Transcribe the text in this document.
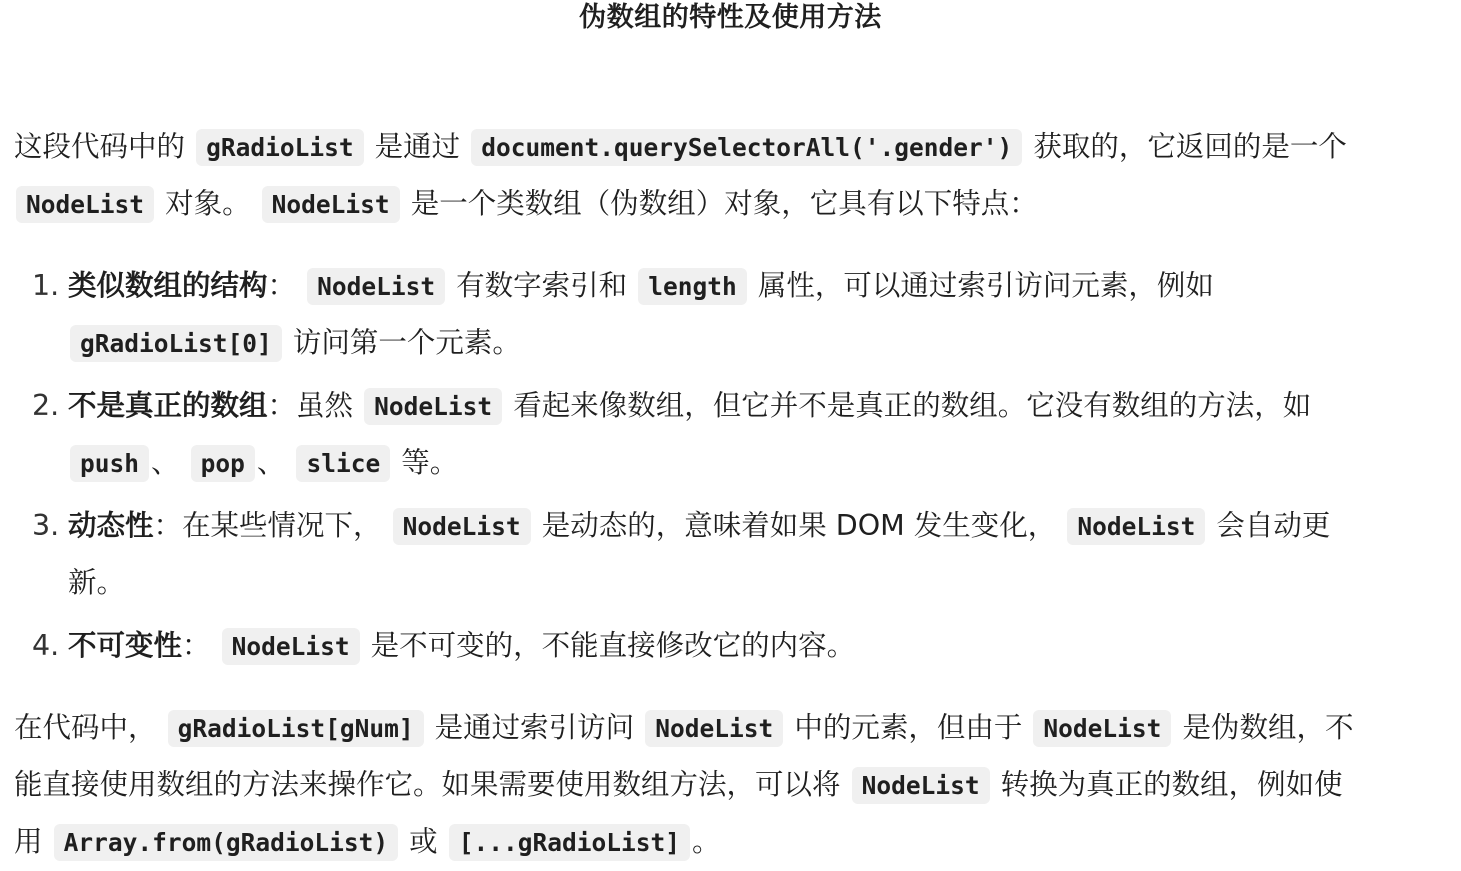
伪数组的特性及使用方法
这段代码中的 gRadioList 是通过 document.querySelectorAll('.gender') 获取的，它返回的是一个
NodeList 对象。 NodeList 是一个类数组（伪数组）对象，它具有以下特点：
1. 类似数组的结构： NodeList 有数字索引和 length 属性，可以通过索引访问元素，例如
gRadioList[0] 访问第一个元素。
2. 不是真正的数组：虽然 NodeList 看起来像数组，但它并不是真正的数组。它没有数组的方法，如
push 、 pop 、 slice 等。
3. 动态性：在某些情况下， NodeList 是动态的，意味着如果 DOM 发生变化， NodeList 会自动更
新。
4. 不可变性： NodeList 是不可变的，不能直接修改它的内容。
在代码中， gRadioList[gNum] 是通过索引访问 NodeList 中的元素，但由于 NodeList 是伪数组，不
能直接使用数组的方法来操作它。如果需要使用数组方法，可以将 NodeList 转换为真正的数组，例如使
用 Array.from(gRadioList) 或 [...gRadioList] 。
